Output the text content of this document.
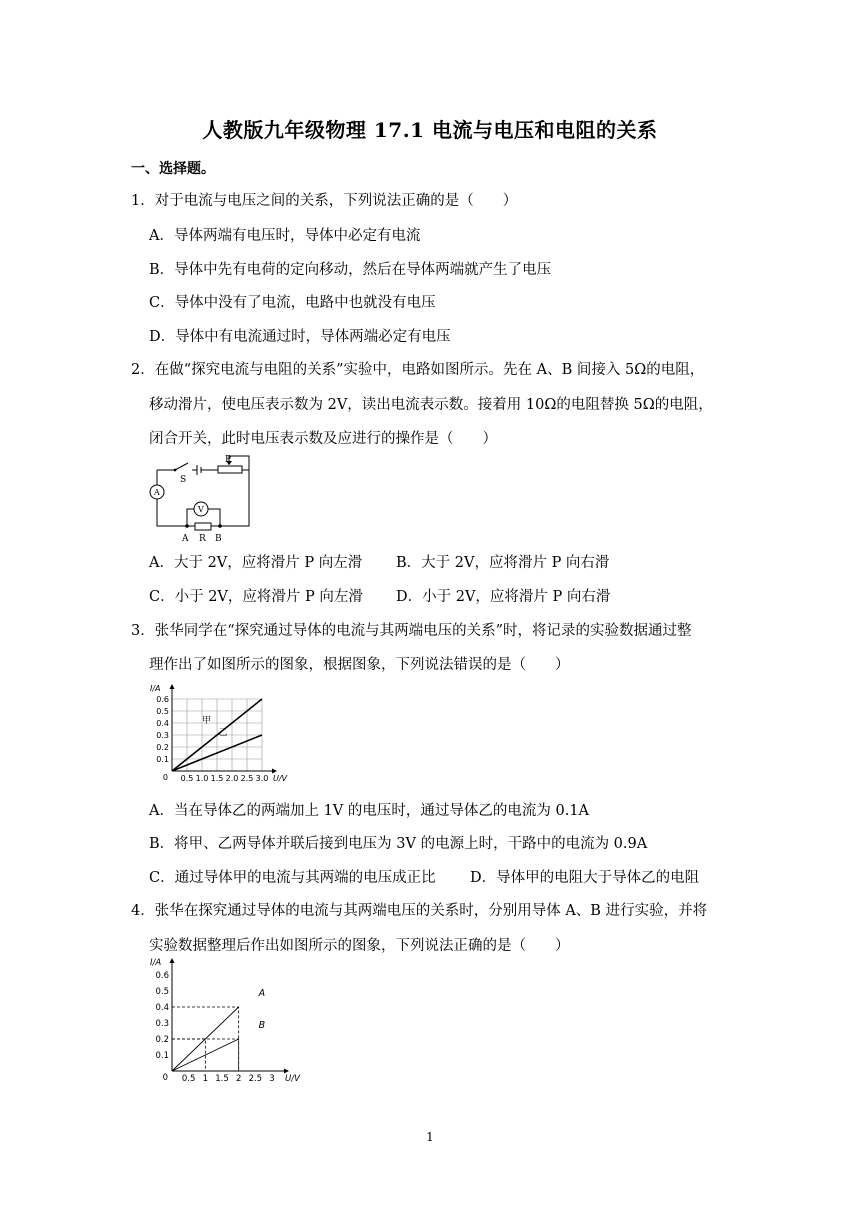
人教版九年级物理 17.1 电流与电压和电阻的关系
一、选择题。
1．对于电流与电压之间的关系，下列说法正确的是（　　）
A．导体两端有电压时，导体中必定有电流
B．导体中先有电荷的定向移动，然后在导体两端就产生了电压
C．导体中没有了电流，电路中也就没有电压
D．导体中有电流通过时，导体两端必定有电压
2．在做“探究电流与电阻的关系”实验中，电路如图所示。先在 A、B 间接入 5Ω的电阻，
移动滑片，使电压表示数为 2V，读出电流表示数。接着用 10Ω的电阻替换 5Ω的电阻，
闭合开关，此时电压表示数及应进行的操作是（　　）
P
S
A
V
A R B
A．大于 2V，应将滑片 P 向左滑 B．大于 2V，应将滑片 P 向右滑
C．小于 2V，应将滑片 P 向左滑 D．小于 2V，应将滑片 P 向右滑
3．张华同学在“探究通过导体的电流与其两端电压的关系”时，将记录的实验数据通过整
理作出了如图所示的图象，根据图象，下列说法错误的是（　　）
0.5 1.0 1.5 2.0 2.5 3.0
0.1
0.2
0.3
0.4
0.5
0.6
0	U/V
I/A
甲
乙
A．当在导体乙的两端加上 1V 的电压时，通过导体乙的电流为 0.1A
B．将甲、乙两导体并联后接到电压为 3V 的电源上时，干路中的电流为 0.9A
C．通过导体甲的电流与其两端的电压成正比 D．导体甲的电阻大于导体乙的电阻
4．张华在探究通过导体的电流与其两端电压的关系时，分别用导体 A、B 进行实验，并将
实验数据整理后作出如图所示的图象，下列说法正确的是（　　）
0.5 1 1.5 2 2.5 3
0.1
0.2
0.3
0.4
0.5
0.6
0	U/V
I/A
A
B
1
